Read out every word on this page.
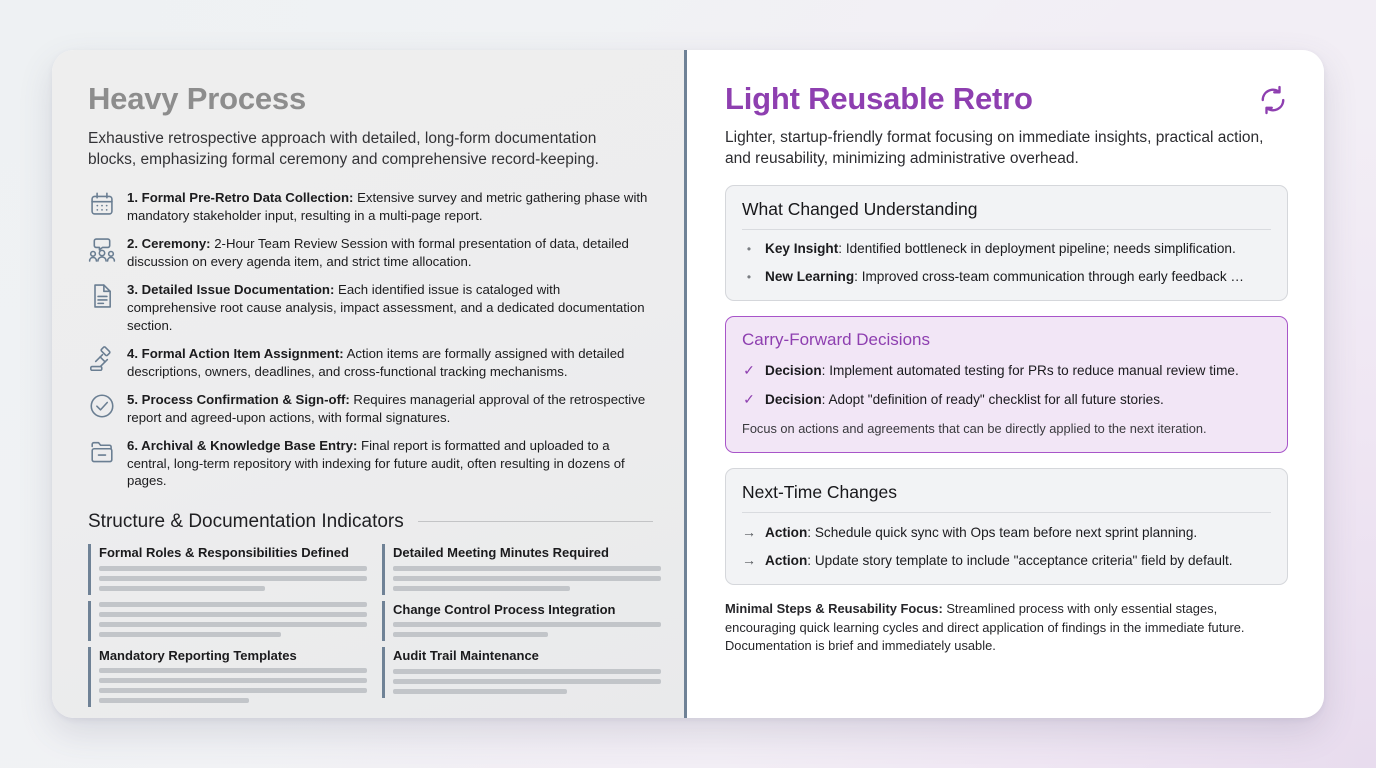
Heavy Process

Exhaustive retrospective approach with detailed, long-form documentation blocks, emphasizing formal ceremony and comprehensive record-keeping.

1. Formal Pre-Retro Data Collection: Extensive survey and metric gathering phase with mandatory stakeholder input, resulting in a multi-page report.
2. Ceremony: 2-Hour Team Review Session with formal presentation of data, detailed discussion on every agenda item, and strict time allocation.
3. Detailed Issue Documentation: Each identified issue is cataloged with comprehensive root cause analysis, impact assessment, and a dedicated documentation section.
4. Formal Action Item Assignment: Action items are formally assigned with detailed descriptions, owners, deadlines, and cross-functional tracking mechanisms.
5. Process Confirmation & Sign-off: Requires managerial approval of the retrospective report and agreed-upon actions, with formal signatures.
6. Archival & Knowledge Base Entry: Final report is formatted and uploaded to a central, long-term repository with indexing for future audit, often resulting in dozens of pages.
Structure & Documentation Indicators
Formal Roles & Responsibilities Defined
Mandatory Reporting Templates
Detailed Meeting Minutes Required
Change Control Process Integration
Audit Trail Maintenance
Light Reusable Retro

Lighter, startup-friendly format focusing on immediate insights, practical action, and reusability, minimizing administrative overhead.

What Changed Understanding
•	Key Insight: Identified bottleneck in deployment pipeline; needs simplification.
•	New Learning: Improved cross-team communication through early feedback …
Carry-Forward Decisions
✓ Decision: Implement automated testing for PRs to reduce manual review time.
✓ Decision: Adopt "definition of ready" checklist for all future stories.
Focus on actions and agreements that can be directly applied to the next iteration.
Next-Time Changes
→ Action: Schedule quick sync with Ops team before next sprint planning.
→ Action: Update story template to include "acceptance criteria" field by default.

Minimal Steps & Reusability Focus: Streamlined process with only essential stages, encouraging quick learning cycles and direct application of findings in the immediate future. Documentation is brief and immediately usable.
